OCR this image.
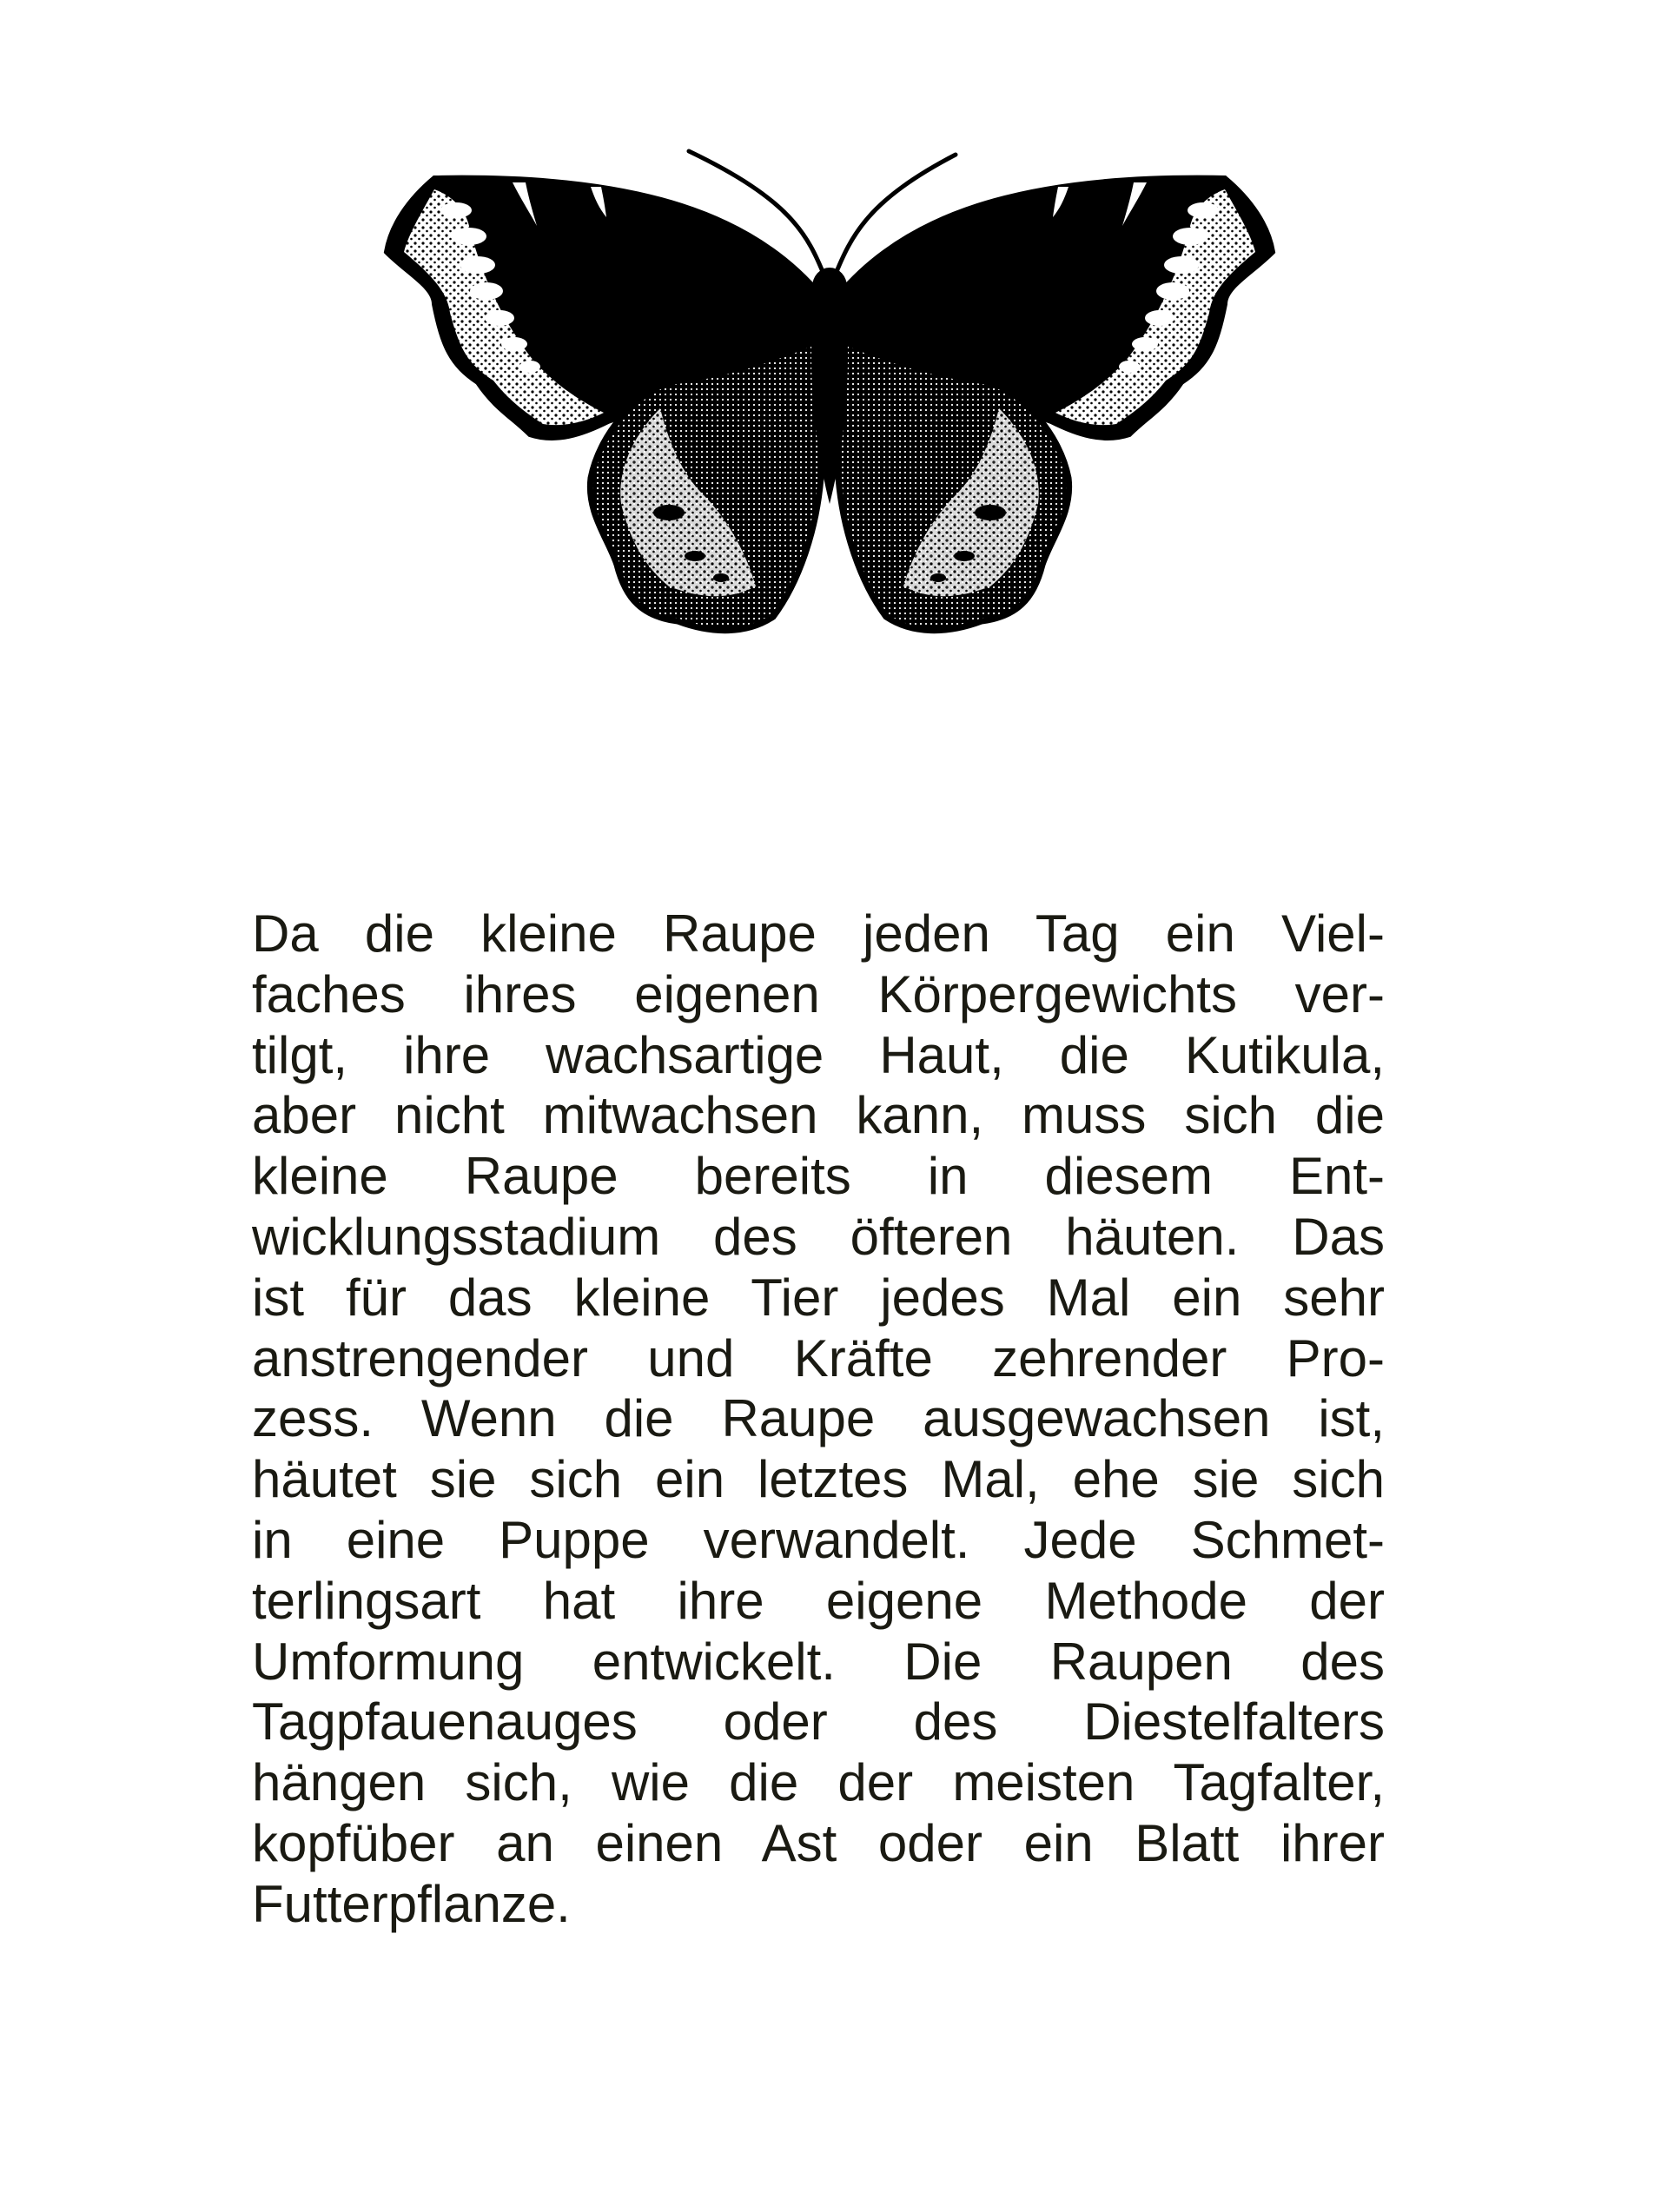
Da die kleine Raupe jeden Tag ein Viel-
faches ihres eigenen Körpergewichts ver-
tilgt, ihre wachsartige Haut, die Kutikula,
aber nicht mitwachsen kann, muss sich die
kleine Raupe bereits in diesem Ent-
wicklungsstadium des öfteren häuten. Das
ist für das kleine Tier jedes Mal ein sehr
anstrengender und Kräfte zehrender Pro-
zess. Wenn die Raupe ausgewachsen ist,
häutet sie sich ein letztes Mal, ehe sie sich
in eine Puppe verwandelt. Jede Schmet-
terlingsart hat ihre eigene Methode der
Umformung entwickelt. Die Raupen des
Tagpfauenauges oder des Diestelfalters
hängen sich, wie die der meisten Tagfalter,
kopfüber an einen Ast oder ein Blatt ihrer
Futterpflanze.
